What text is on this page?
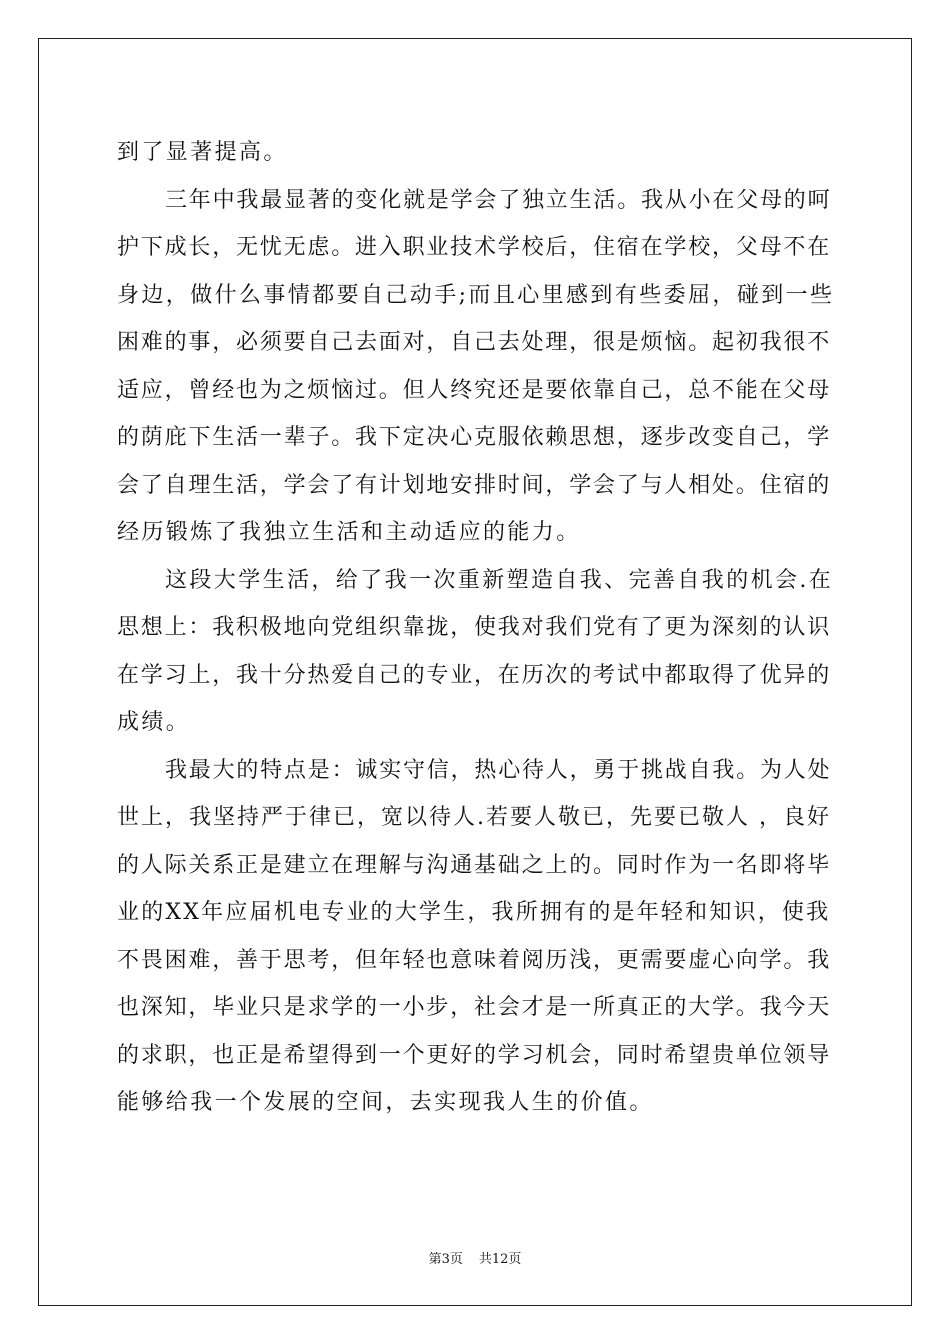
到了显著提高。
三年中我最显著的变化就是学会了独立生活。我从小在父母的呵
护下成长，无忧无虑。进入职业技术学校后，住宿在学校，父母不在
身边，做什么事情都要自己动手;而且心里感到有些委屈，碰到一些
困难的事，必须要自己去面对，自己去处理，很是烦恼。起初我很不
适应，曾经也为之烦恼过。但人终究还是要依靠自己，总不能在父母
的荫庇下生活一辈子。我下定决心克服依赖思想，逐步改变自己，学
会了自理生活，学会了有计划地安排时间，学会了与人相处。住宿的
经历锻炼了我独立生活和主动适应的能力。
这段大学生活，给了我一次重新塑造自我、完善自我的机会.在
思想上：我积极地向党组织靠拢，使我对我们党有了更为深刻的认识
在学习上，我十分热爱自己的专业，在历次的考试中都取得了优异的
成绩。
我最大的特点是：诚实守信，热心待人，勇于挑战自我。为人处
世上，我坚持严于律已，宽以待人.若要人敬已，先要已敬人 ，良好
的人际关系正是建立在理解与沟通基础之上的。同时作为一名即将毕
业的XX年应届机电专业的大学生，我所拥有的是年轻和知识，使我
不畏困难，善于思考，但年轻也意味着阅历浅，更需要虚心向学。我
也深知，毕业只是求学的一小步，社会才是一所真正的大学。我今天
的求职，也正是希望得到一个更好的学习机会，同时希望贵单位领导
能够给我一个发展的空间，去实现我人生的价值。
第3页 共12页
